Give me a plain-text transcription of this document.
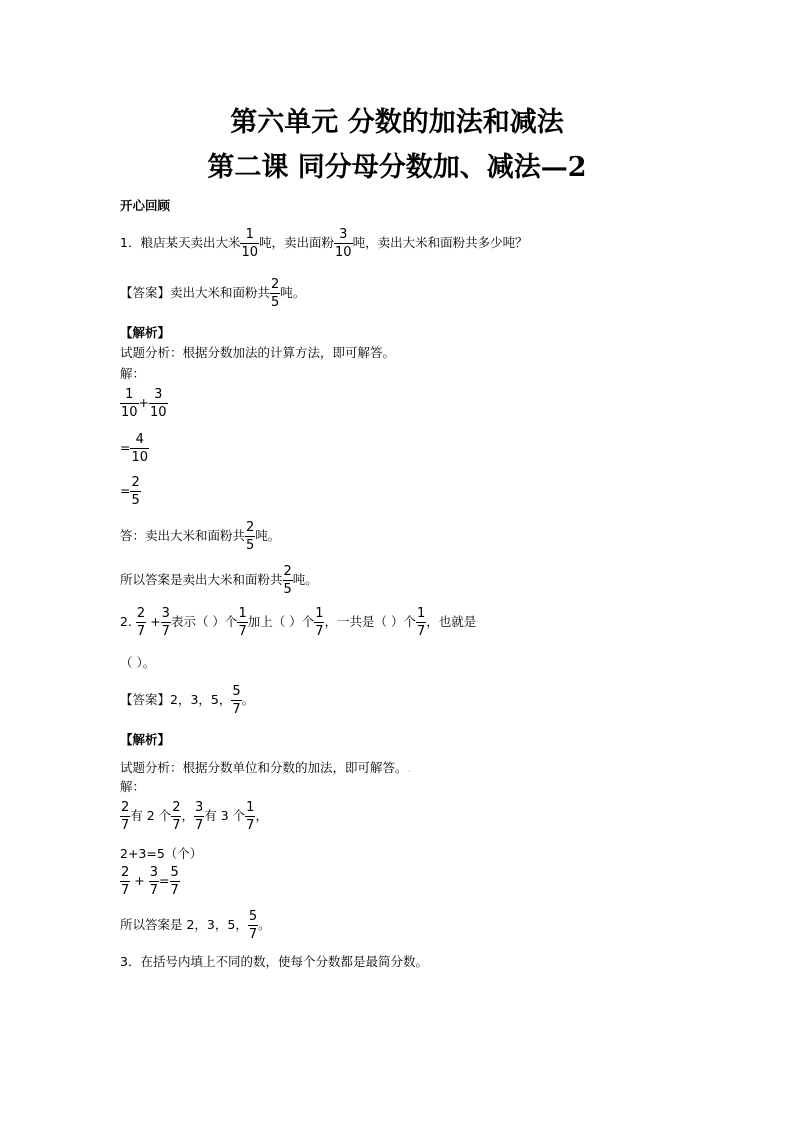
第六单元 分数的加法和减法
第二课 同分母分数加、减法—2
开心回顾
1．粮店某天卖出大米 $\frac{1}{10}$ 吨，卖出面粉 $\frac{3}{10}$ 吨，卖出大米和面粉共多少吨？
【答案】卖出大米和面粉共 $\frac{2}{5}$ 吨。
【解析】
试题分析：根据分数加法的计算方法，即可解答。
解：
$\frac{1}{10} + \frac{3}{10}$
= $\frac{4}{10}$
= $\frac{2}{5}$
答：卖出大米和面粉共 $\frac{2}{5}$ 吨。
所以答案是卖出大米和面粉共 $\frac{2}{5}$ 吨。
2. $\frac{2}{7} + \frac{3}{7}$ 表示（ ）个 $\frac{1}{7}$ 加上（ ）个 $\frac{1}{7}$ ，一共是（ ）个 $\frac{1}{7}$ ，也就是
（ ）。
【答案】2，3，5， $\frac{5}{7}$ 。
【解析】
试题分析：根据分数单位和分数的加法，即可解答。.
解：
$\frac{2}{7}$ 有 2 个 $\frac{2}{7}$ ， $\frac{3}{7}$ 有 3 个 $\frac{1}{7}$ ，
2+3=5（个）
$\frac{2}{7} + \frac{3}{7} = \frac{5}{7}$
所以答案是 2，3，5， $\frac{5}{7}$ 。
3．在括号内填上不同的数，使每个分数都是最简分数。
